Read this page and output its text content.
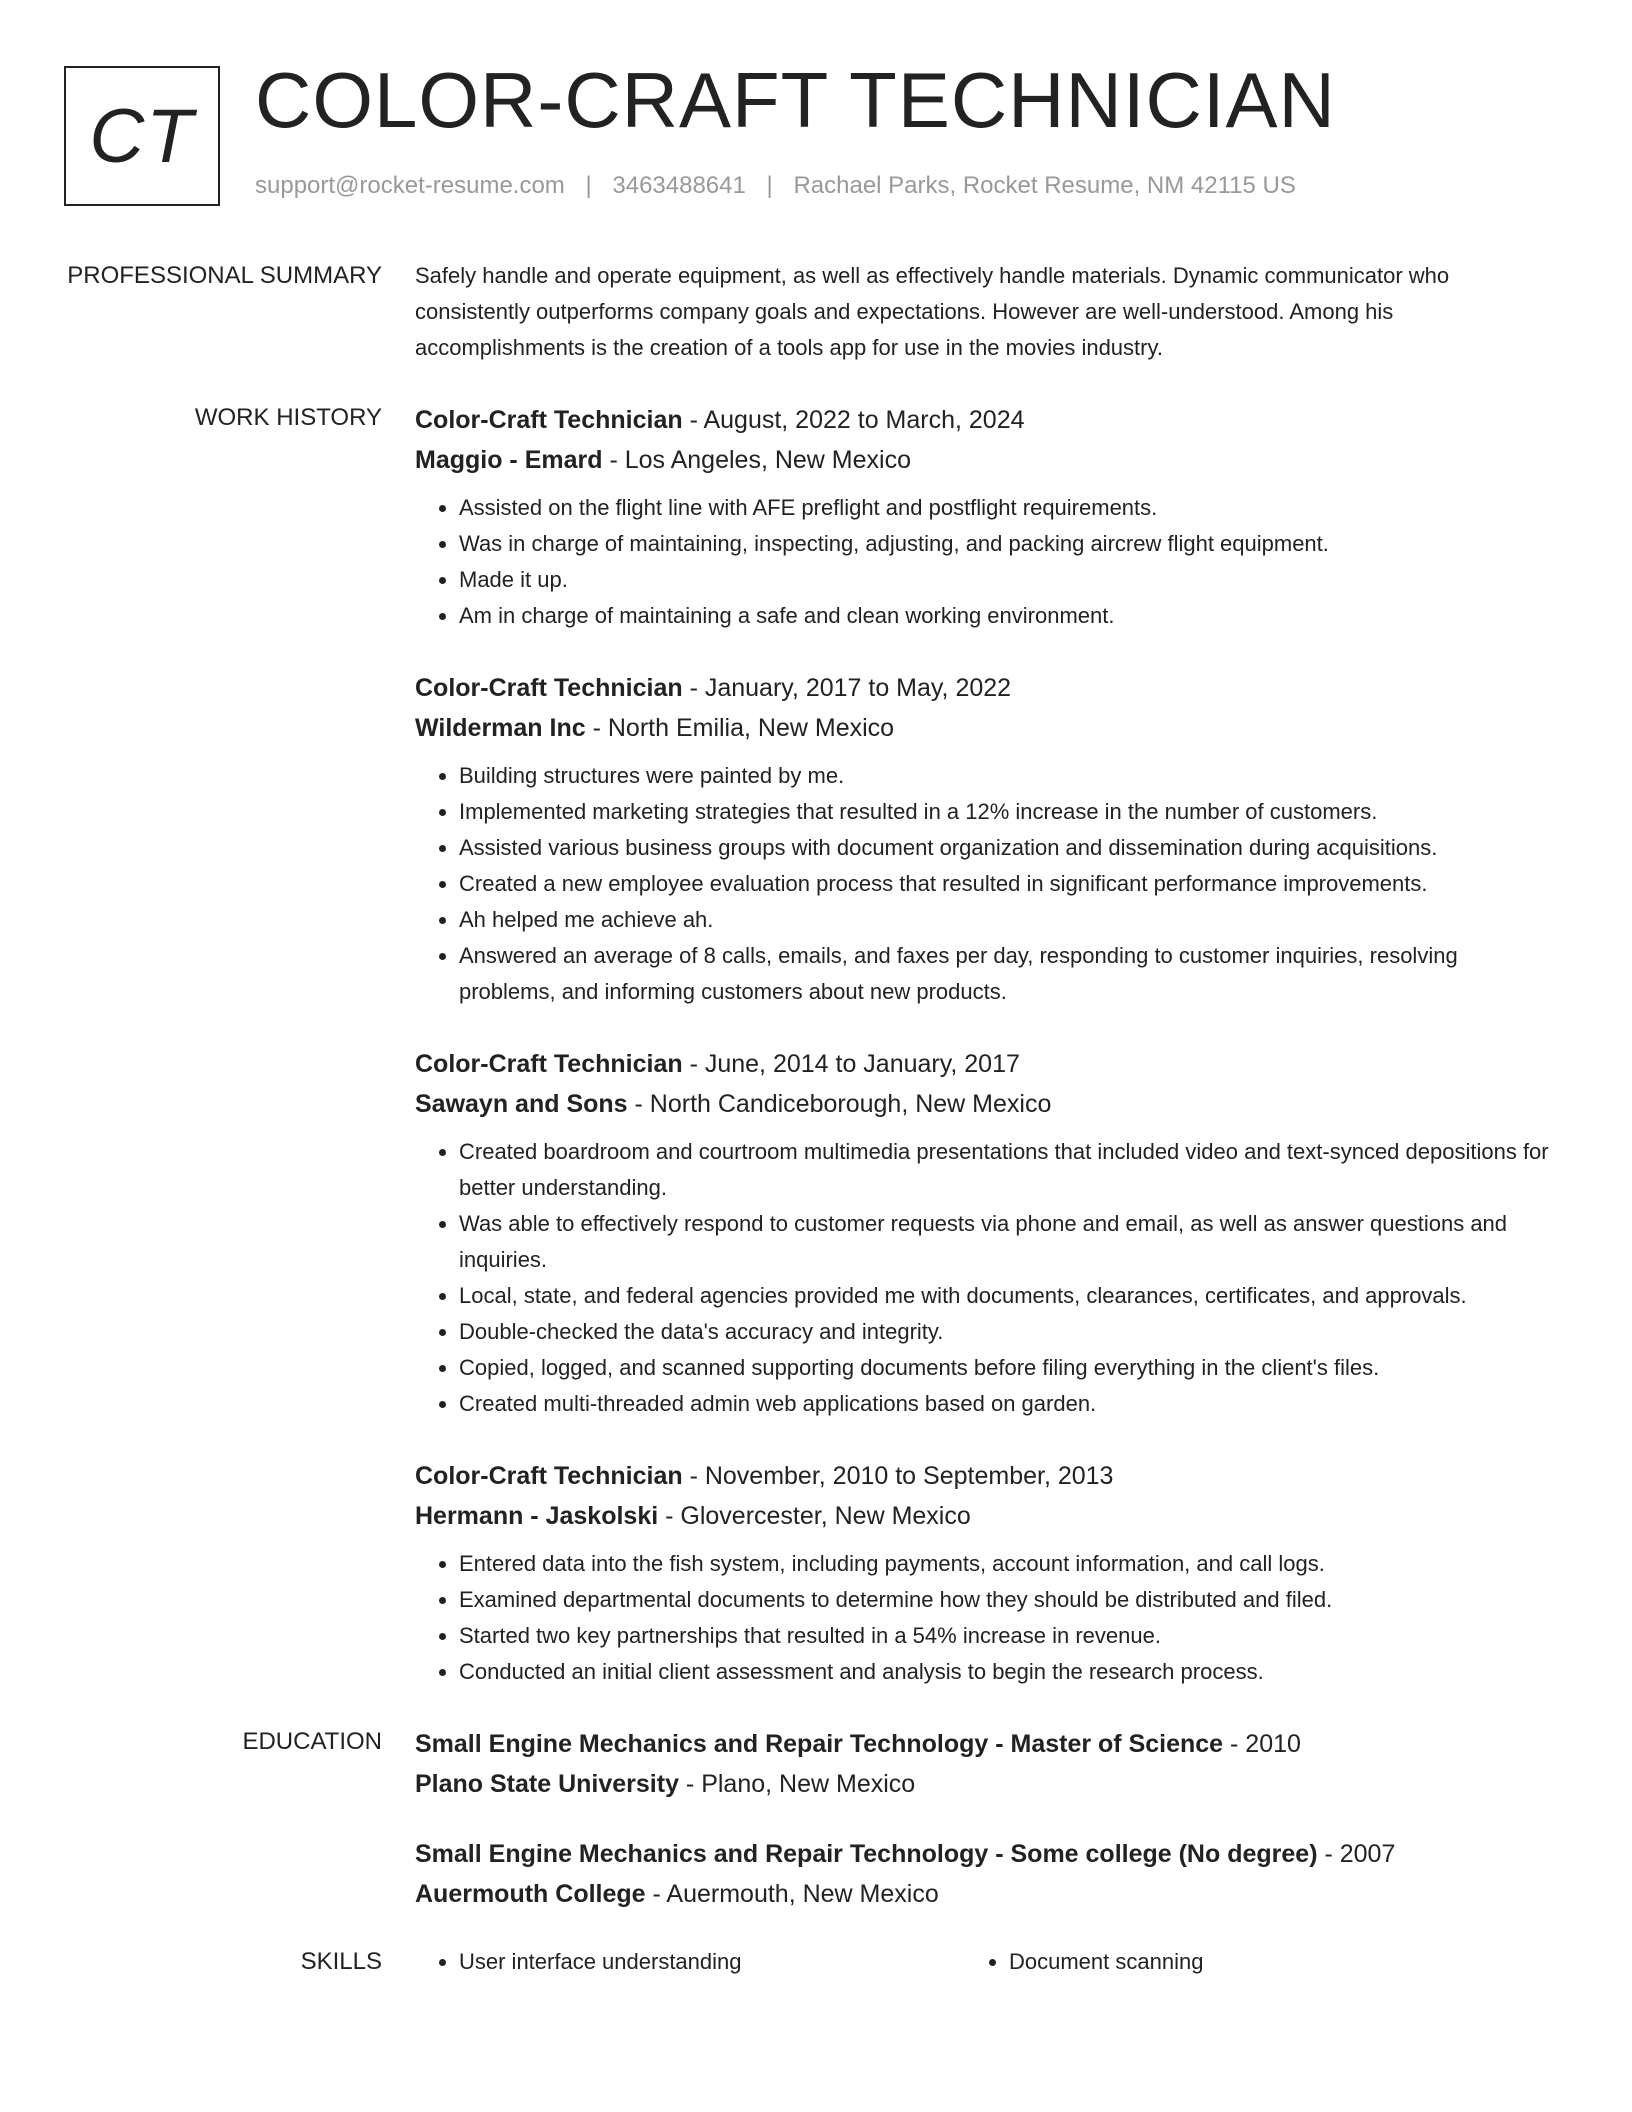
CT COLOR-CRAFT TECHNICIAN
support@rocket-resume.com | 3463488641 | Rachael Parks, Rocket Resume, NM 42115 US
PROFESSIONAL SUMMARY	Safely handle and operate equipment, as well as effectively handle materials. Dynamic communicator who consistently outperforms company goals and expectations. However are well-understood. Among his accomplishments is the creation of a tools app for use in the movies industry.

WORK HISTORY	Color-Craft Technician - August, 2022 to March, 2024
Maggio - Emard - Los Angeles, New Mexico
• Assisted on the flight line with AFE preflight and postflight requirements.
• Was in charge of maintaining, inspecting, adjusting, and packing aircrew flight equipment.
• Made it up.
• Am in charge of maintaining a safe and clean working environment.
Color-Craft Technician - January, 2017 to May, 2022
Wilderman Inc - North Emilia, New Mexico
• Building structures were painted by me.
• Implemented marketing strategies that resulted in a 12% increase in the number of customers.
• Assisted various business groups with document organization and dissemination during acquisitions.
• Created a new employee evaluation process that resulted in significant performance improvements.
• Ah helped me achieve ah.
• Answered an average of 8 calls, emails, and faxes per day, responding to customer inquiries, resolving problems, and informing customers about new products.
Color-Craft Technician - June, 2014 to January, 2017
Sawayn and Sons - North Candiceborough, New Mexico
• Created boardroom and courtroom multimedia presentations that included video and text-synced depositions for better understanding.
• Was able to effectively respond to customer requests via phone and email, as well as answer questions and inquiries.
• Local, state, and federal agencies provided me with documents, clearances, certificates, and approvals.
• Double-checked the data's accuracy and integrity.
• Copied, logged, and scanned supporting documents before filing everything in the client's files.
• Created multi-threaded admin web applications based on garden.
Color-Craft Technician - November, 2010 to September, 2013
Hermann - Jaskolski - Glovercester, New Mexico
• Entered data into the fish system, including payments, account information, and call logs.
• Examined departmental documents to determine how they should be distributed and filed.
• Started two key partnerships that resulted in a 54% increase in revenue.
• Conducted an initial client assessment and analysis to begin the research process.
EDUCATION	Small Engine Mechanics and Repair Technology - Master of Science - 2010
Plano State University - Plano, New Mexico
Small Engine Mechanics and Repair Technology - Some college (No degree) - 2007
Auermouth College - Auermouth, New Mexico
SKILLS	• User interface understanding	• Document scanning
